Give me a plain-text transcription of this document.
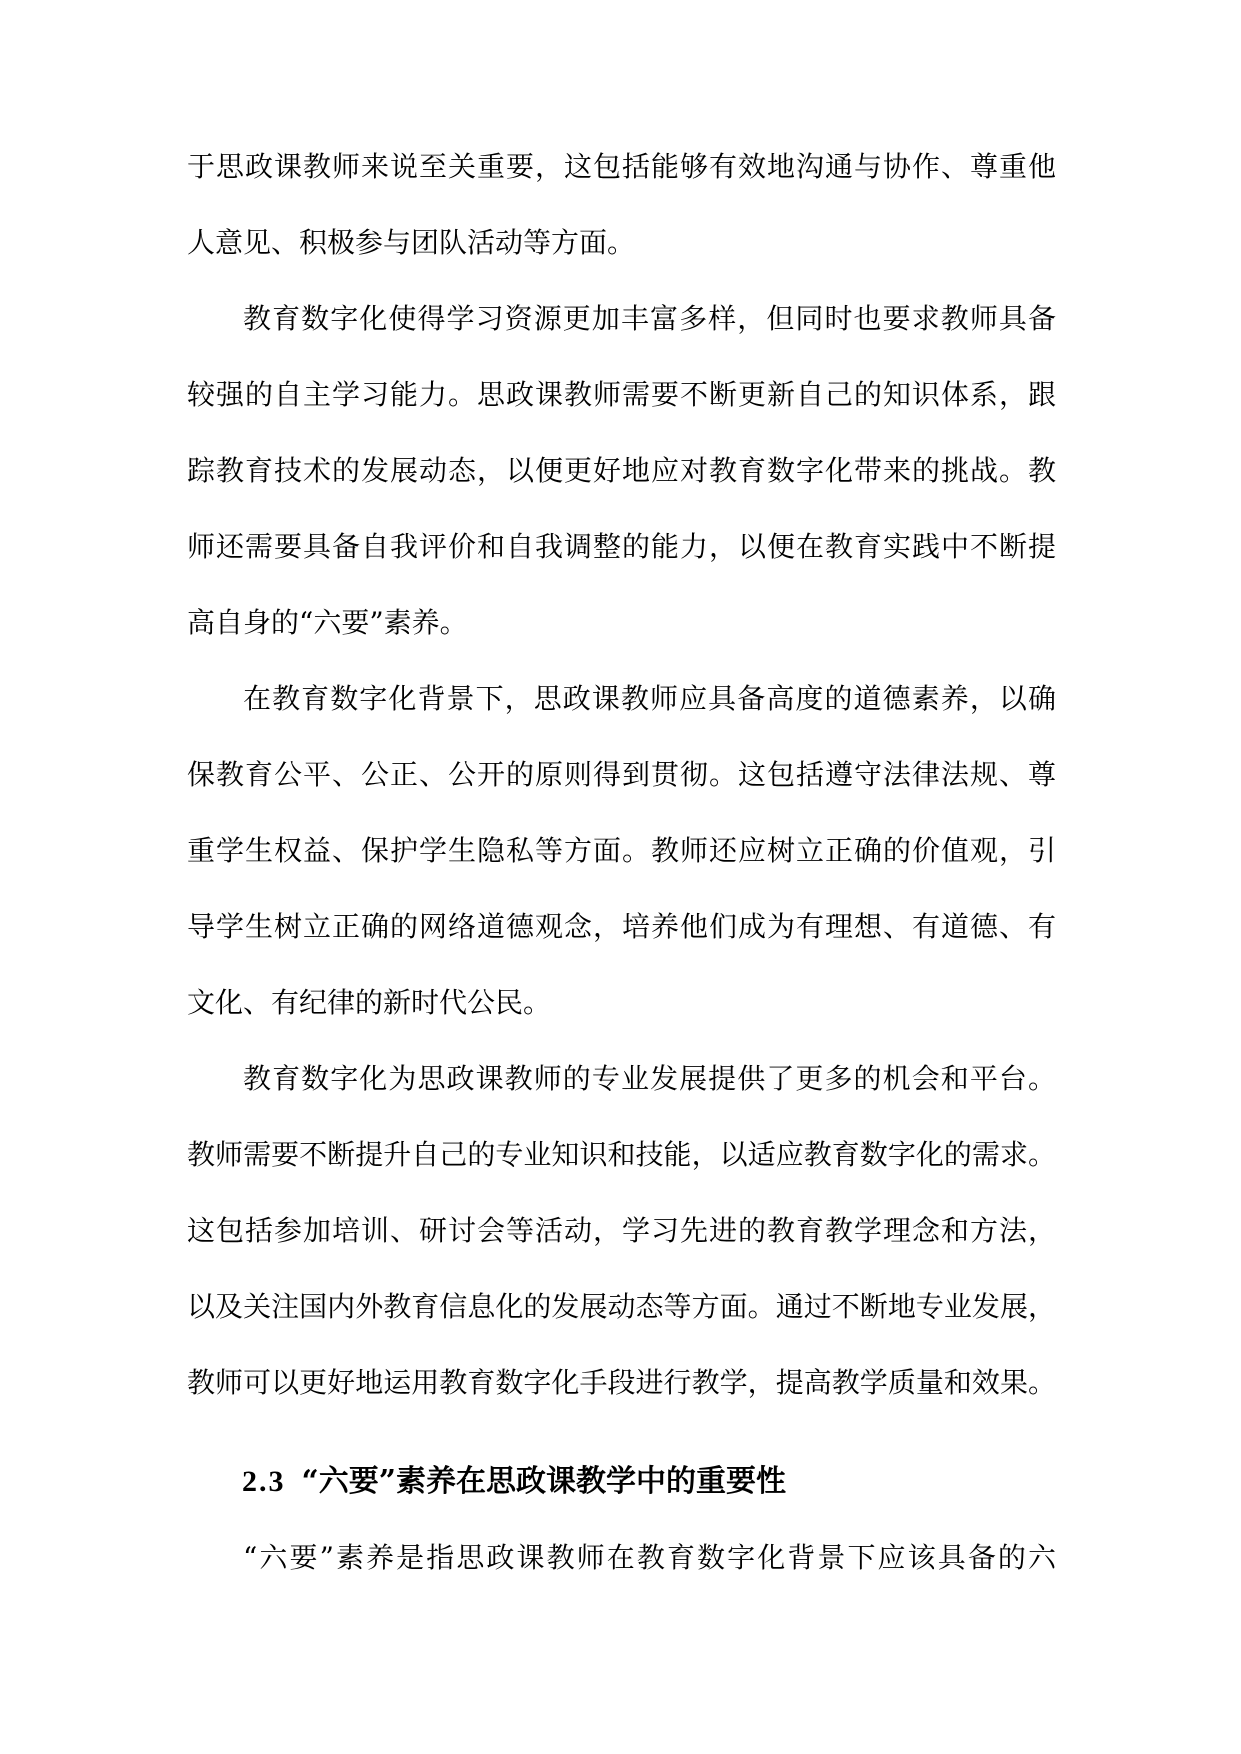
于思政课教师来说至关重要，这包括能够有效地沟通与协作、尊重他
人意见、积极参与团队活动等方面。
教育数字化使得学习资源更加丰富多样，但同时也要求教师具备
较强的自主学习能力。思政课教师需要不断更新自己的知识体系，跟
踪教育技术的发展动态，以便更好地应对教育数字化带来的挑战。教
师还需要具备自我评价和自我调整的能力，以便在教育实践中不断提
高自身的“六要”素养。
在教育数字化背景下，思政课教师应具备高度的道德素养，以确
保教育公平、公正、公开的原则得到贯彻。这包括遵守法律法规、尊
重学生权益、保护学生隐私等方面。教师还应树立正确的价值观，引
导学生树立正确的网络道德观念，培养他们成为有理想、有道德、有
文化、有纪律的新时代公民。
教育数字化为思政课教师的专业发展提供了更多的机会和平台。
教师需要不断提升自己的专业知识和技能，以适应教育数字化的需求。
这包括参加培训、研讨会等活动，学习先进的教育教学理念和方法，
以及关注国内外教育信息化的发展动态等方面。通过不断地专业发展，
教师可以更好地运用教育数字化手段进行教学，提高教学质量和效果。
2.3 “六要”素养在思政课教学中的重要性
“六要”素养是指思政课教师在教育数字化背景下应该具备的六
